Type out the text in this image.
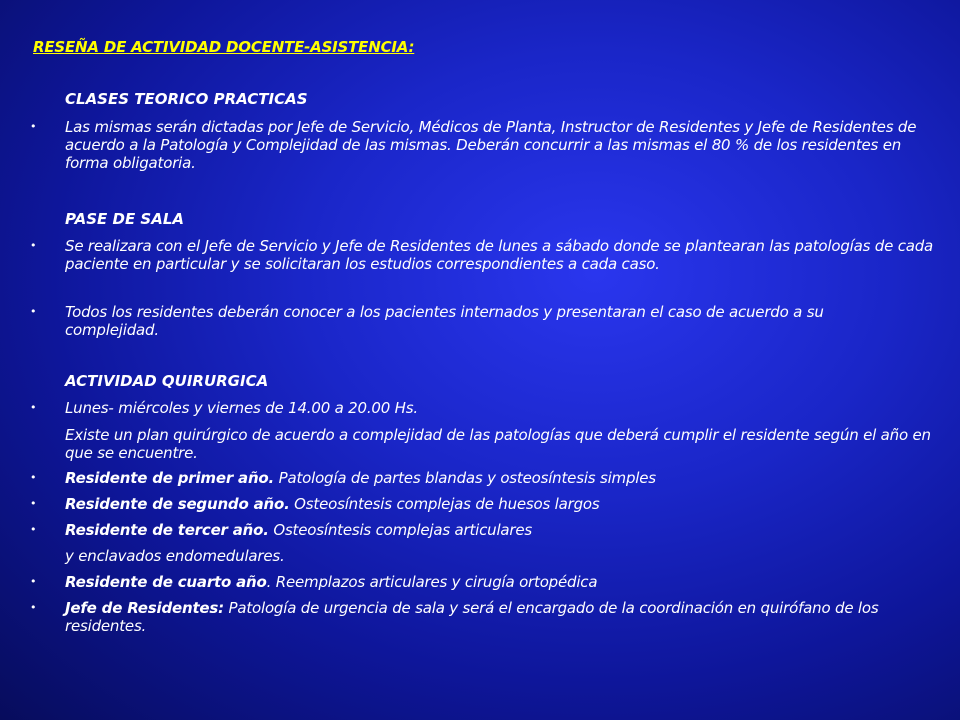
RESEÑA DE ACTIVIDAD DOCENTE-ASISTENCIA:
CLASES TEORICO PRACTICAS
• Las mismas serán dictadas por Jefe de Servicio, Médicos de Planta, Instructor de Residentes y Jefe de Residentes de acuerdo a la Patología y Complejidad de las mismas. Deberán concurrir a las mismas el 80 % de los residentes en forma obligatoria.

PASE DE SALA
• Se realizara con el Jefe de Servicio y Jefe de Residentes de lunes a sábado donde se plantearan las patologías de cada paciente en particular y se solicitaran los estudios correspondientes a cada caso.

• Todos los residentes deberán conocer a los pacientes internados y presentaran el caso de acuerdo a su complejidad.

ACTIVIDAD QUIRURGICA
• Lunes- miércoles y viernes de 14.00 a 20.00 Hs.

Existe un plan quirúrgico de acuerdo a complejidad de las patologías que deberá cumplir el residente según el año en que se encuentre.

• Residente de primer año. Patología de partes blandas y osteosíntesis simples

• Residente de segundo año. Osteosíntesis complejas de huesos largos

• Residente de tercer año. Osteosíntesis complejas articulares

y enclavados endomedulares.

• Residente de cuarto año. Reemplazos articulares y cirugía ortopédica

• Jefe de Residentes: Patología de urgencia de sala y será el encargado de la coordinación en quirófano de los residentes.
